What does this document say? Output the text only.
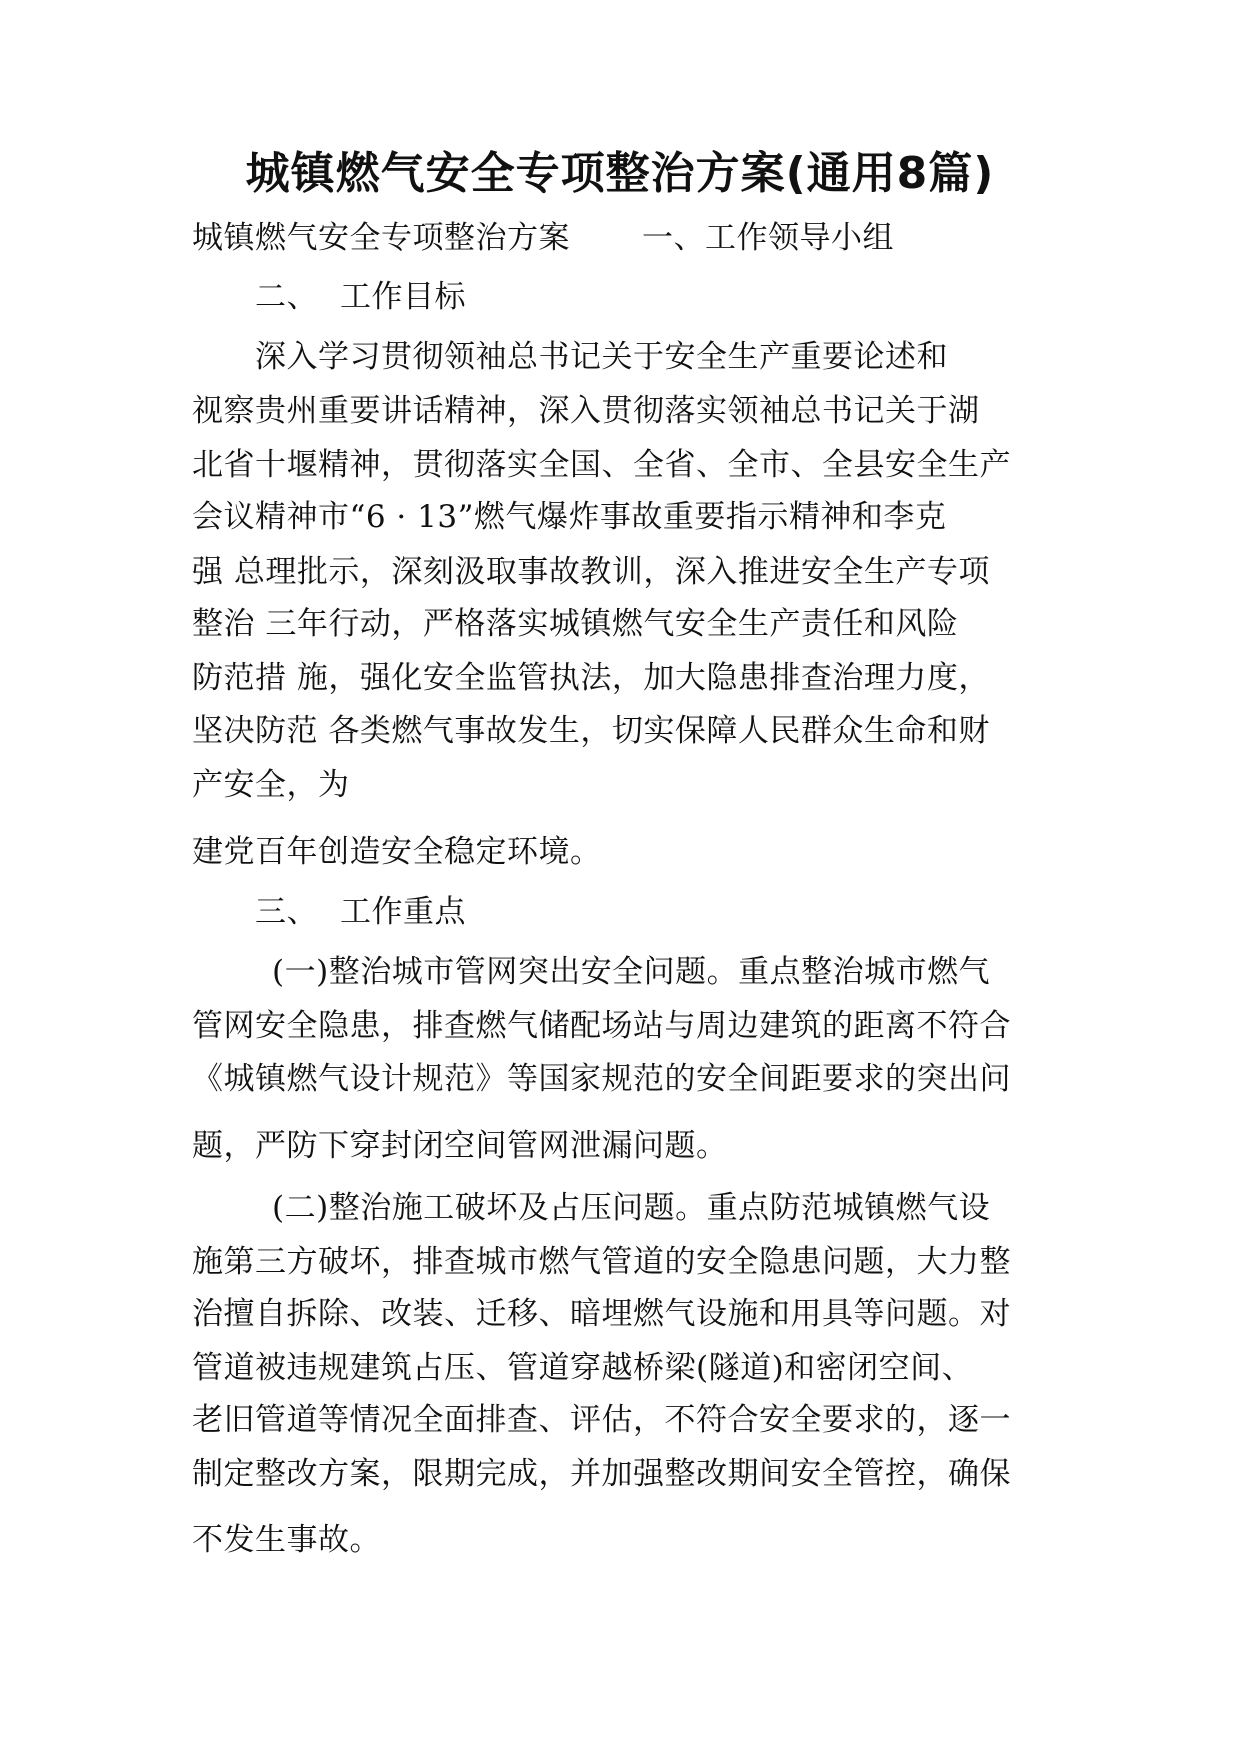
城镇燃气安全专项整治方案(通用8篇)
城镇燃气安全专项整治方案 一、工作领导小组
二、 工作目标
深入学习贯彻领袖总书记关于安全生产重要论述和
视察贵州重要讲话精神，深入贯彻落实领袖总书记关于湖
北省十堰精神，贯彻落实全国、全省、全市、全县安全生产
会议精神市“6 · 13”燃气爆炸事故重要指示精神和李克
强 总理批示，深刻汲取事故教训，深入推进安全生产专项
整治 三年行动，严格落实城镇燃气安全生产责任和风险
防范措 施，强化安全监管执法，加大隐患排查治理力度，
坚决防范 各类燃气事故发生，切实保障人民群众生命和财
产安全，为
建党百年创造安全稳定环境。
三、 工作重点
(一)整治城市管网突出安全问题。重点整治城市燃气
管网安全隐患，排查燃气储配场站与周边建筑的距离不符合
《城镇燃气设计规范》等国家规范的安全间距要求的突出问
题，严防下穿封闭空间管网泄漏问题。
(二)整治施工破坏及占压问题。重点防范城镇燃气设
施第三方破坏，排查城市燃气管道的安全隐患问题，大力整
治擅自拆除、改装、迁移、暗埋燃气设施和用具等问题。对
管道被违规建筑占压、管道穿越桥梁(隧道)和密闭空间、
老旧管道等情况全面排查、评估，不符合安全要求的，逐一
制定整改方案，限期完成，并加强整改期间安全管控，确保
不发生事故。
